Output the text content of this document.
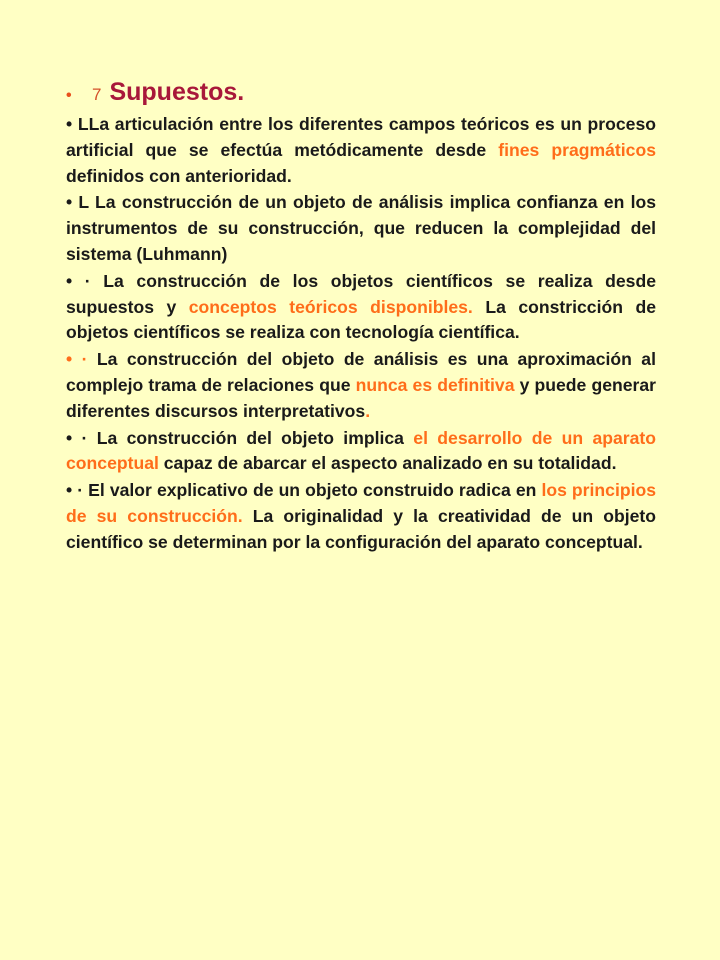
•	7 Supuestos.

• LLa articulación entre los diferentes campos teóricos es un proceso artificial que se efectúa metódicamente desde fines pragmáticos definidos con anterioridad.

• L La construcción de un objeto de análisis implica confianza en los instrumentos de su construcción, que reducen la complejidad del sistema (Luhmann)

• · La construcción de los objetos científicos se realiza desde supuestos y conceptos teóricos disponibles. La constricción de objetos científicos se realiza con tecnología científica.

• · La construcción del objeto de análisis es una aproximación al complejo trama de relaciones que nunca es definitiva y puede generar diferentes discursos interpretativos.

• · La construcción del objeto implica el desarrollo de un aparato conceptual capaz de abarcar el aspecto analizado en su totalidad.

• · El valor explicativo de un objeto construido radica en los principios de su construcción. La originalidad y la creatividad de un objeto científico se determinan por la configuración del aparato conceptual.
